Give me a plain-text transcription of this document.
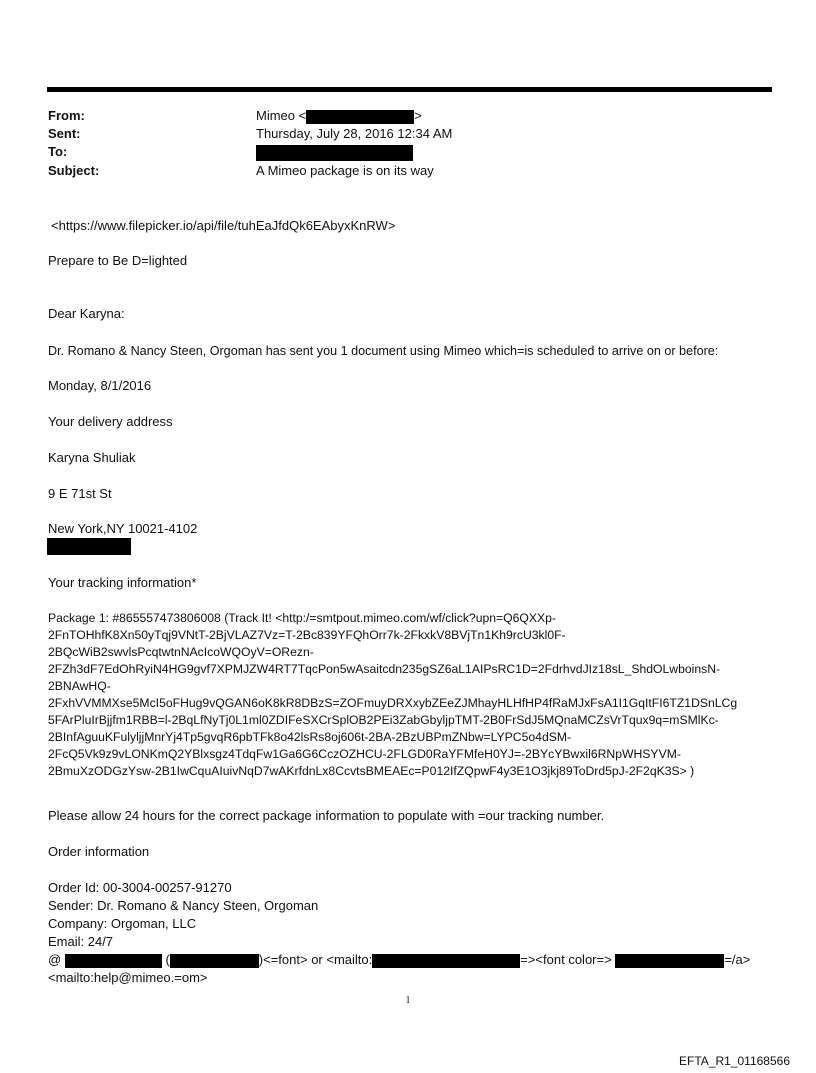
From:	Mimeo <	>
Sent:	Thursday, July 28, 2016 12:34 AM
To:
Subject:	A Mimeo package is on its way
<https://www.filepicker.io/api/file/tuhEaJfdQk6EAbyxKnRW>
Prepare to Be D=lighted
Dear Karyna:
Dr. Romano & Nancy Steen, Orgoman has sent you 1 document using Mimeo which=is scheduled to arrive on or before:
Monday, 8/1/2016
Your delivery address
Karyna Shuliak
9 E 71st St
New York,NY 10021-4102
Your tracking information*
Package 1: #865557473806008 (Track It! <http:/=smtpout.mimeo.com/wf/click?upn=Q6QXXp-
2FnTOHhfK8Xn50yTqj9VNtT-2BjVLAZ7Vz=T-2Bc839YFQhOrr7k-2FkxkV8BVjTn1Kh9rcU3kl0F-
2BQcWiB2swvlsPcqtwtnNAcIcoWQOyV=ORezn-
2FZh3dF7EdOhRyiN4HG9gvf7XPMJZW4RT7TqcPon5wAsaitcdn235gSZ6aL1AIPsRC1D=2FdrhvdJIz18sL_ShdOLwboinsN-
2BNAwHQ-
2FxhVVMMXse5McI5oFHug9vQGAN6oK8kR8DBzS=ZOFmuyDRXxybZEeZJMhayHLHfHP4fRaMJxFsA1I1GqItFI6TZ1DSnLCg
5FArPluIrBjjfm1RBB=l-2BqLfNyTj0L1ml0ZDIFeSXCrSplOB2PEi3ZabGbyljpTMT-2B0FrSdJ5MQnaMCZsVrTqux9q=mSMlKc-
2BInfAguuKFulyljjMnrYj4Tp5gvqR6pbTFk8o42lsRs8oj606t-2BA-2BzUBPmZNbw=LYPC5o4dSM-
2FcQ5Vk9z9vLONKmQ2YBlxsgz4TdqFw1Ga6G6CczOZHCU-2FLGD0RaYFMfeH0YJ=-2BYcYBwxil6RNpWHSYVM-
2BmuXzODGzYsw-2B1IwCquAIuivNqD7wAKrfdnLx8CcvtsBMEAEc=P012IfZQpwF4y3E1O3jkj89ToDrd5pJ-2F2qK3S> )
Please allow 24 hours for the correct package information to populate with =our tracking number.
Order information
Order Id: 00-3004-00257-91270
Sender: Dr. Romano & Nancy Steen, Orgoman
Company: Orgoman, LLC
Email: 24/7
@	(	)<=font> or <mailto:	=><font color=>	=/a>
<mailto:help@mimeo.=om>
1
EFTA_R1_01168566
